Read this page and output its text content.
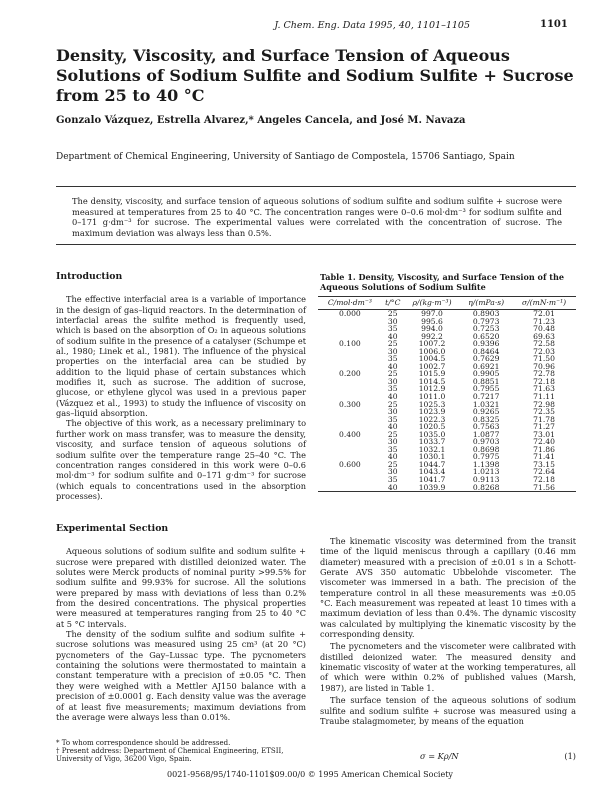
J. Chem. Eng. Data 1995, 40, 1101–1105	1101
Density, Viscosity, and Surface Tension of Aqueous Solutions of Sodium Sulfite and Sodium Sulfite + Sucrose from 25 to 40 °C
Gonzalo Vázquez, Estrella Alvarez,* Angeles Cancela, and José M. Navaza
Department of Chemical Engineering, University of Santiago de Compostela, 15706 Santiago, Spain
The density, viscosity, and surface tension of aqueous solutions of sodium sulfite and sodium sulfite + sucrose were measured at temperatures from 25 to 40 °C. The concentration ranges were 0–0.6 mol·dm⁻³ for sodium sulfite and 0–171 g·dm⁻³ for sucrose. The experimental values were correlated with the concentration of sucrose. The maximum deviation was always less than 0.5%.
Introduction

The effective interfacial area is a variable of importance in the design of gas–liquid reactors. In the determination of interfacial areas the sulfite method is frequently used, which is based on the absorption of O₂ in aqueous solutions of sodium sulfite in the presence of a catalyser (Schumpe et al., 1980; Linek et al., 1981). The influence of the physical properties on the interfacial area can be studied by addition to the liquid phase of certain substances which modifies it, such as sucrose. The addition of sucrose, glucose, or ethylene glycol was used in a previous paper (Vázquez et al., 1993) to study the influence of viscosity on gas–liquid absorption.

The objective of this work, as a necessary preliminary to further work on mass transfer, was to measure the density, viscosity, and surface tension of aqueous solutions of sodium sulfite over the temperature range 25–40 °C. The concentration ranges considered in this work were 0–0.6 mol·dm⁻³ for sodium sulfite and 0–171 g·dm⁻³ for sucrose (which equals to concentrations used in the absorption processes).

Experimental Section

Aqueous solutions of sodium sulfite and sodium sulfite + sucrose were prepared with distilled deionized water. The solutes were Merck products of nominal purity >99.5% for sodium sulfite and 99.93% for sucrose. All the solutions were prepared by mass with deviations of less than 0.2% from the desired concentrations. The physical properties were measured at temperatures ranging from 25 to 40 °C at 5 °C intervals.

The density of the sodium sulfite and sodium sulfite + sucrose solutions was measured using 25 cm³ (at 20 °C) pycnometers of the Gay–Lussac type. The pycnometers containing the solutions were thermostated to maintain a constant temperature with a precision of ±0.05 °C. Then they were weighed with a Mettler AJ150 balance with a precision of ±0.0001 g. Each density value was the average of at least five measurements; maximum deviations from the average were always less than 0.01%.

* To whom correspondence should be addressed.
† Present address: Department of Chemical Engineering, ETSII, University of Vigo, 36200 Vigo, Spain.
Table 1. Density, Viscosity, and Surface Tension of the Aqueous Solutions of Sodium Sulfite
C/mol·dm⁻³	t/°C	ρ/(kg·m⁻³)	η/(mPa·s)	σ/(mN·m⁻¹)
0.000	25	997.0	0.8903	72.01
	30	995.6	0.7973	71.23
	35	994.0	0.7253	70.48
	40	992.2	0.6520	69.63
0.100	25	1007.2	0.9396	72.58
	30	1006.0	0.8464	72.03
	35	1004.5	0.7629	71.50
	40	1002.7	0.6921	70.96
0.200	25	1015.9	0.9905	72.78
	30	1014.5	0.8851	72.18
	35	1012.9	0.7955	71.63
	40	1011.0	0.7217	71.11
0.300	25	1025.3	1.0321	72.98
	30	1023.9	0.9265	72.35
	35	1022.3	0.8325	71.78
	40	1020.5	0.7563	71.27
0.400	25	1035.0	1.0877	73.01
	30	1033.7	0.9703	72.40
	35	1032.1	0.8698	71.86
	40	1030.1	0.7975	71.41
0.600	25	1044.7	1.1398	73.15
	30	1043.4	1.0213	72.64
	35	1041.7	0.9113	72.18
	40	1039.9	0.8268	71.56

The kinematic viscosity was determined from the transit time of the liquid meniscus through a capillary (0.46 mm diameter) measured with a precision of ±0.01 s in a Schott-Gerate AVS 350 automatic Ubbelohde viscometer. The viscometer was immersed in a bath. The precision of the temperature control in all these measurements was ±0.05 °C. Each measurement was repeated at least 10 times with a maximum deviation of less than 0.4%. The dynamic viscosity was calculated by multiplying the kinematic viscosity by the corresponding density.

The pycnometers and the viscometer were calibrated with distilled deionized water. The measured density and kinematic viscosity of water at the working temperatures, all of which were within 0.2% of published values (Marsh, 1987), are listed in Table 1.

The surface tension of the aqueous solutions of sodium sulfite and sodium sulfite + sucrose was measured using a Traube stalagmometer, by means of the equation

σ = Kρ/N	(1)
0021-9568/95/1740-1101$09.00/0 © 1995 American Chemical Society
